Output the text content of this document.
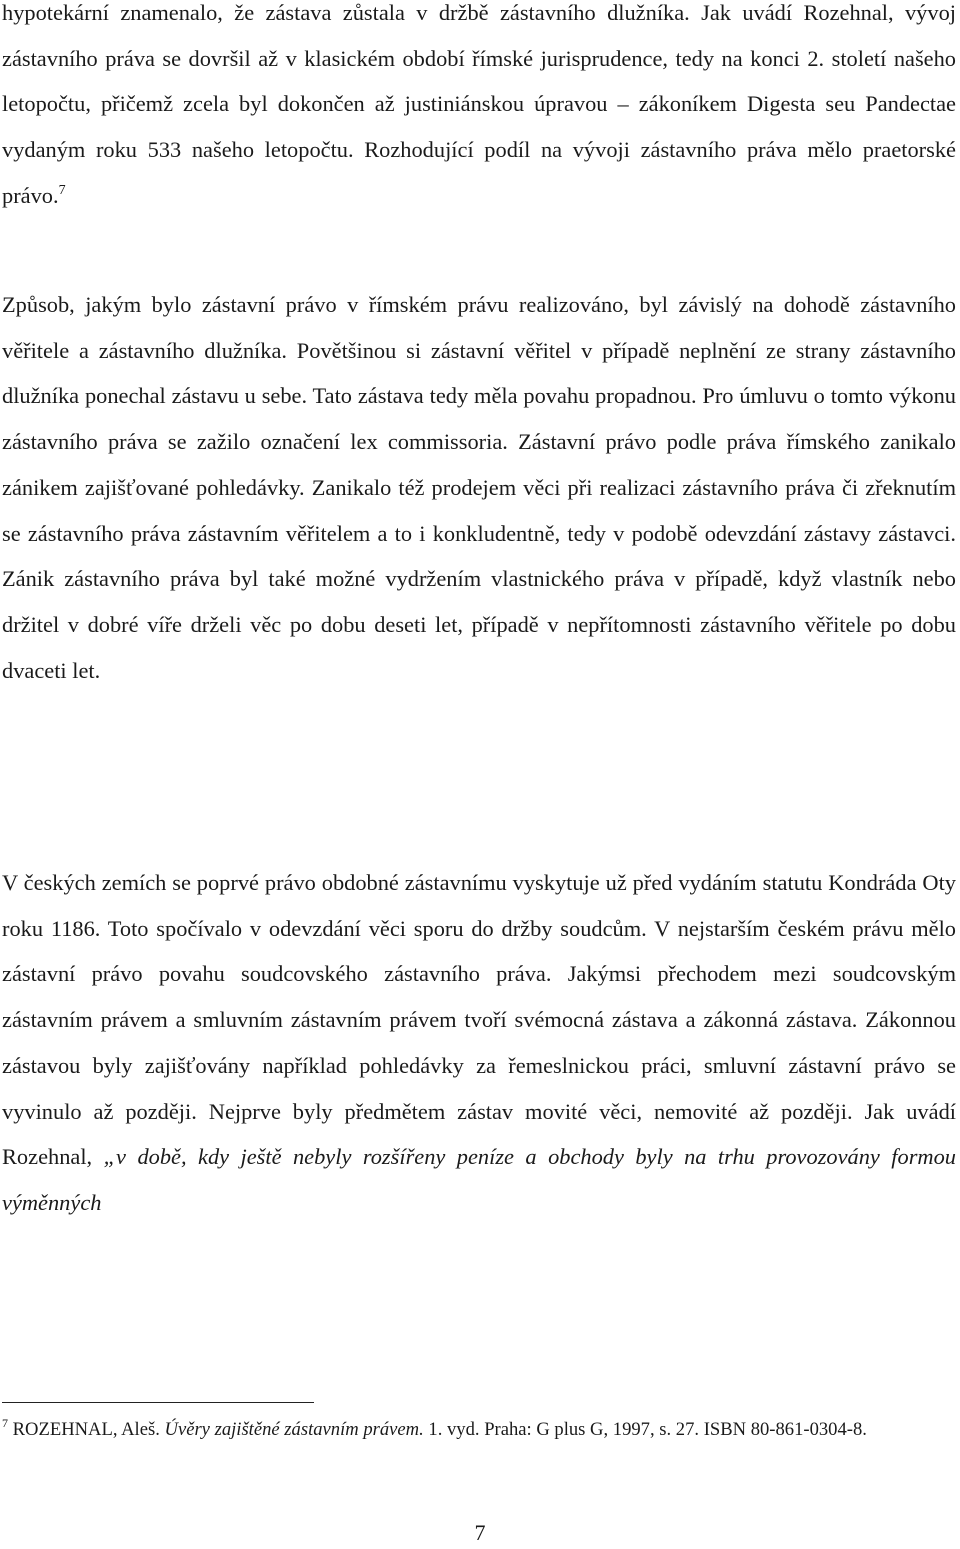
hypotekární znamenalo, že zástava zůstala v držbě zástavního dlužníka. Jak uvádí Rozehnal, vývoj zástavního práva se dovršil až v klasickém období římské jurisprudence, tedy na konci 2. století našeho letopočtu, přičemž zcela byl dokončen až justiniánskou úpravou – zákoníkem Digesta seu Pandectae vydaným roku 533 našeho letopočtu. Rozhodující podíl na vývoji zástavního práva mělo praetorské právo.$^7$

Způsob, jakým bylo zástavní právo v římském právu realizováno, byl závislý na dohodě zástavního věřitele a zástavního dlužníka. Povětšinou si zástavní věřitel v případě neplnění ze strany zástavního dlužníka ponechal zástavu u sebe. Tato zástava tedy měla povahu propadnou. Pro úmluvu o tomto výkonu zástavního práva se zažilo označení lex commissoria. Zástavní právo podle práva římského zanikalo zánikem zajišťované pohledávky. Zanikalo též prodejem věci při realizaci zástavního práva či zřeknutím se zástavního práva zástavním věřitelem a to i konkludentně, tedy v podobě odevzdání zástavy zástavci. Zánik zástavního práva byl také možné vydržením vlastnického práva v případě, když vlastník nebo držitel v dobré víře drželi věc po dobu deseti let, případě v nepřítomnosti zástavního věřitele po dobu dvaceti let.

V českých zemích se poprvé právo obdobné zástavnímu vyskytuje už před vydáním statutu Kondráda Oty roku 1186. Toto spočívalo v odevzdání věci sporu do držby soudcům. V nejstarším českém právu mělo zástavní právo povahu soudcovského zástavního práva. Jakýmsi přechodem mezi soudcovským zástavním právem a smluvním zástavním právem tvoří svémocná zástava a zákonná zástava. Zákonnou zástavou byly zajišťovány například pohledávky za řemeslnickou práci, smluvní zástavní právo se vyvinulo až později. Nejprve byly předmětem zástav movité věci, nemovité až později. Jak uvádí Rozehnal, „v době, kdy ještě nebyly rozšířeny peníze a obchody byly na trhu provozovány formou výměnných

$^7$ ROZEHNAL, Aleš. Úvěry zajištěné zástavním právem. 1. vyd. Praha: G plus G, 1997, s. 27. ISBN 80-861-0304-8.

7
